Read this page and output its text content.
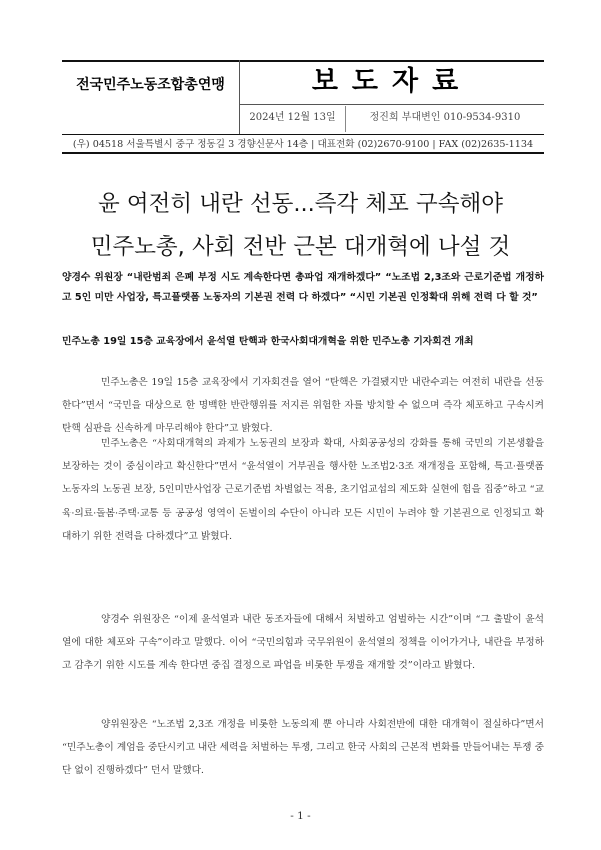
전국민주노동조합총연맹	보도자료
2024년 12월 13일	정진희 부대변인 010-9534-9310
(우) 04518 서울특별시 중구 정동길 3 경향신문사 14층 | 대표전화 (02)2670-9100 | FAX (02)2635-1134
윤 여전히 내란 선동...즉각 체포 구속해야
민주노총, 사회 전반 근본 대개혁에 나설 것
양경수 위원장 “내란범죄 은폐 부정 시도 계속한다면 총파업 재개하겠다” “노조법 2,3조와 근로기준법 개정하고 5인 미만 사업장, 특고플랫폼 노동자의 기본권 전력 다 하겠다” “시민 기본권 인정확대 위해 전력 다 할 것”
민주노총 19일 15층 교육장에서 윤석열 탄핵과 한국사회대개혁을 위한 민주노총 기자회견 개최
민주노총은 19일 15층 교육장에서 기자회견을 열어 “탄핵은 가결됐지만 내란수괴는 여전히 내란을 선동한다”면서 “국민을 대상으로 한 명백한 반란행위를 저지른 위험한 자를 방치할 수 없으며 즉각 체포하고 구속시켜 탄핵 심판을 신속하게 마무리해야 한다”고 밝혔다.
민주노총은 “사회대개혁의 과제가 노동권의 보장과 확대, 사회공공성의 강화를 통해 국민의 기본생활을 보장하는 것이 중심이라고 확신한다”면서 “윤석열이 거부권을 행사한 노조법2·3조 재개정을 포함해, 특고·플랫폼노동자의 노동권 보장, 5인미만사업장 근로기준법 차별없는 적용, 초기업교섭의 제도화 실현에 힘을 집중”하고 “교육·의료·돌봄·주택·교통 등 공공성 영역이 돈벌이의 수단이 아니라 모든 시민이 누려야 할 기본권으로 인정되고 확대하기 위한 전력을 다하겠다”고 밝혔다.
양경수 위원장은 “이제 윤석열과 내란 동조자들에 대해서 처벌하고 엄벌하는 시간”이며 “그 출발이 윤석열에 대한 체포와 구속”이라고 말했다. 이어 “국민의힘과 국무위원이 윤석열의 정책을 이어가거나, 내란을 부정하고 감추기 위한 시도를 계속 한다면 중집 결정으로 파업을 비롯한 투쟁을 재개할 것”이라고 밝혔다.
양위원장은 “노조법 2,3조 개정을 비롯한 노동의제 뿐 아니라 사회전반에 대한 대개혁이 절실하다”면서 “민주노총이 계엄을 중단시키고 내란 세력을 처벌하는 투쟁, 그리고 한국 사회의 근본적 변화를 만들어내는 투쟁 중단 없이 진행하겠다” 던서 말했다.
- 1 -
